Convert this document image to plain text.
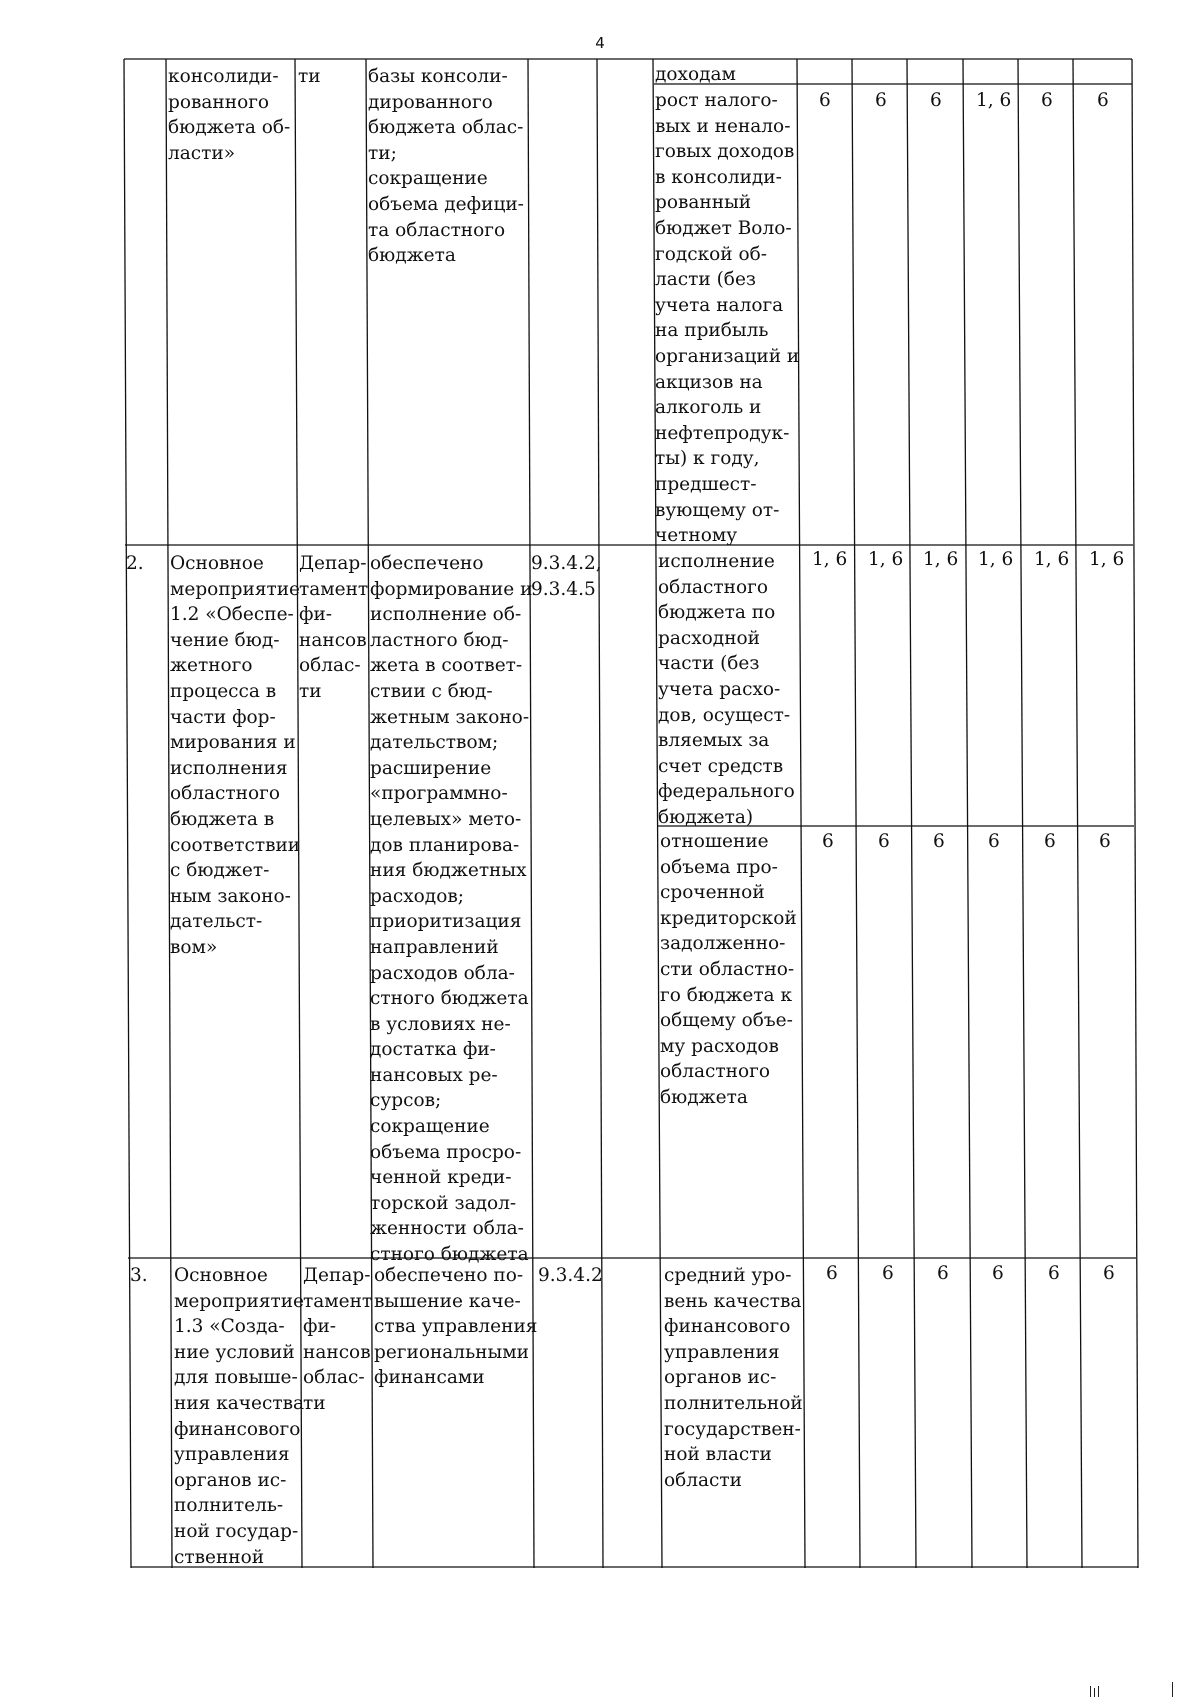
4
консолиди-
рованного
бюджета об-
ласти»
ти	базы консоли-
дированного
бюджета облас-
ти;
сокращение
объема дефици-
та областного
бюджета
доходам
рост налого-
вых и ненало-
говых доходов
в консолиди-
рованный
бюджет Воло-
годской об-
ласти (без
учета налога
на прибыль
организаций и
акцизов на
алкоголь и
нефтепродук-
ты) к году,
предшест-
вующему от-
четному
6 6 6 1, 6 6 6
2. Основное
мероприятие
1.2 «Обеспе-
чение бюд-
жетного
процесса в
части фор-
мирования и
исполнения
областного
бюджета в
соответствии
с бюджет-
ным законо-
дательст-
вом»
Депар-
тамент
фи-
нансов
облас-
ти
обеспечено
формирование и
исполнение об-
ластного бюд-
жета в соответ-
ствии с бюд-
жетным законо-
дательством;
расширение
«программно-
целевых» мето-
дов планирова-
ния бюджетных
расходов;
приоритизация
направлений
расходов обла-
стного бюджета
в условиях не-
достатка фи-
нансовых ре-
сурсов;
сокращение
объема просро-
ченной креди-
торской задол-
женности обла-
стного бюджета
9.3.4.2,
9.3.4.5
исполнение
областного
бюджета по
расходной
части (без
учета расхо-
дов, осущест-
вляемых за
счет средств
федерального
бюджета)
1, 6 1, 6 1, 6 1, 6 1, 6 1, 6
отношение
объема про-
сроченной
кредиторской
задолженно-
сти областно-
го бюджета к
общему объе-
му расходов
областного
бюджета
6 6 6 6 6 6
3. Основное
мероприятие
1.3 «Созда-
ние условий
для повыше-
ния качества
финансового
управления
органов ис-
полнитель-
ной государ-
ственной
Депар-
тамент
фи-
нансов
облас-
ти
обеспечено по-
вышение каче-
ства управления
региональными
финансами
9.3.4.2	средний уро-
вень качества
финансового
управления
органов ис-
полнительной
государствен-
ной власти
области
6 6 6 6 6 6
